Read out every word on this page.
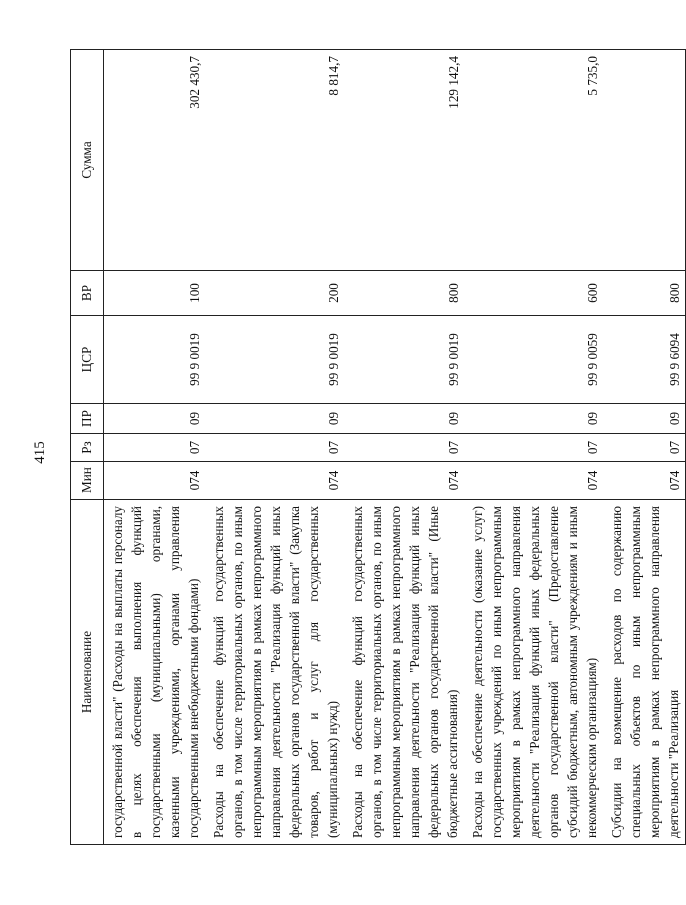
415
Наименование	Мин	Рз	ПР	ЦСР	ВР	Сумма
государственной власти" (Расходы на выплаты персоналу в целях обеспечения выполнения функций государственными (муниципальными) органами, казенными учреждениями, органами управления государственными внебюджетными фондами)	074	07	09	99 9 0019	100	302 430,7
Расходы на обеспечение функций государственных органов, в том числе территориальных органов, по иным непрограммным мероприятиям в рамках непрограммного направления деятельности "Реализация функций иных федеральных органов государственной власти" (Закупка товаров, работ и услуг для государственных (муниципальных) нужд)	074	07	09	99 9 0019	200	8 814,7
Расходы на обеспечение функций государственных органов, в том числе территориальных органов, по иным непрограммным мероприятиям в рамках непрограммного направления деятельности "Реализация функций иных федеральных органов государственной власти" (Иные бюджетные ассигнования)	074	07	09	99 9 0019	800	129 142,4
Расходы на обеспечение деятельности (оказание услуг) государственных учреждений по иным непрограммным мероприятиям в рамках непрограммного направления деятельности "Реализация функций иных федеральных органов государственной власти" (Предоставление субсидий бюджетным, автономным учреждениям и иным некоммерческим организациям)	074	07	09	99 9 0059	600	5 735,0
Субсидии на возмещение расходов по содержанию специальных объектов по иным непрограммным мероприятиям в рамках непрограммного направления деятельности "Реализация	074	07	09	99 9 6094	800	
